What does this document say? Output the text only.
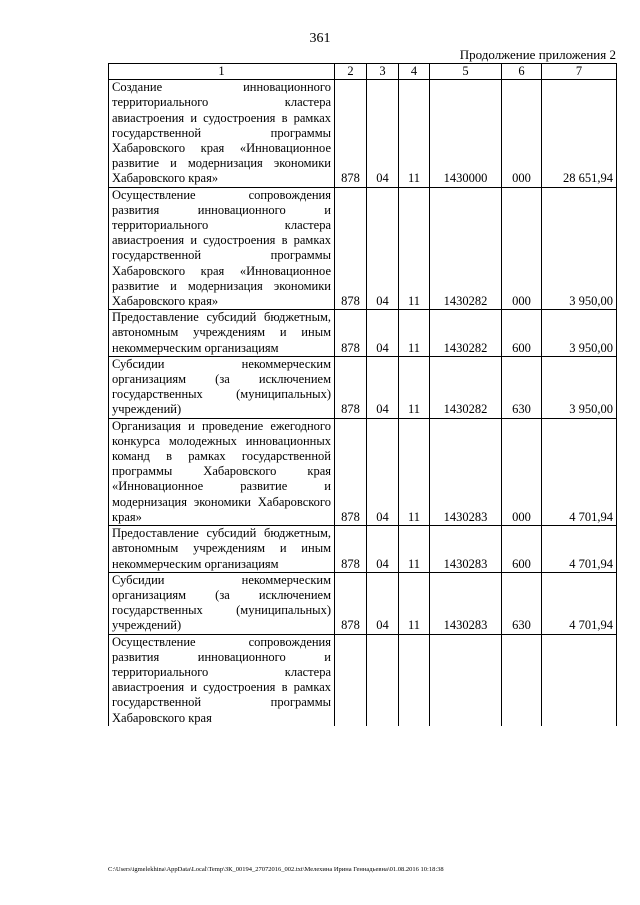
361
Продолжение приложения 2
1	2	3	4	5	6	7
Создание инновационного территориального кластера авиастроения и судостроения в рамках государственной программы Хабаровского края «Инновационное развитие и модернизация экономики Хабаровского края»	878	04	11	1430000	000	28 651,94
Осуществление сопровождения развития инновационного и территориального кластера авиастроения и судостроения в рамках государственной программы Хабаровского края «Инновационное развитие и модернизация экономики Хабаровского края»	878	04	11	1430282	000	3 950,00
Предоставление субсидий бюджетным, автономным учреждениям и иным некоммерческим организациям	878	04	11	1430282	600	3 950,00
Субсидии некоммерческим организациям (за исключением государственных (муниципальных) учреждений)	878	04	11	1430282	630	3 950,00
Организация и проведение ежегодного конкурса молодежных инновационных команд в рамках государственной программы Хабаровского края «Инновационное развитие и модернизация экономики Хабаровского края»	878	04	11	1430283	000	4 701,94
Предоставление субсидий бюджетным, автономным учреждениям и иным некоммерческим организациям	878	04	11	1430283	600	4 701,94
Субсидии некоммерческим организациям (за исключением государственных (муниципальных) учреждений)	878	04	11	1430283	630	4 701,94
Осуществление сопровождения развития инновационного и территориального кластера авиастроения и судостроения в рамках государственной программы Хабаровского края						
C:\Users\igmelekhina\AppData\Local\Temp\ЗК_00194_27072016_002.txt\Мелехина Ирина Геннадьевна\01.08.2016 10:18:38
